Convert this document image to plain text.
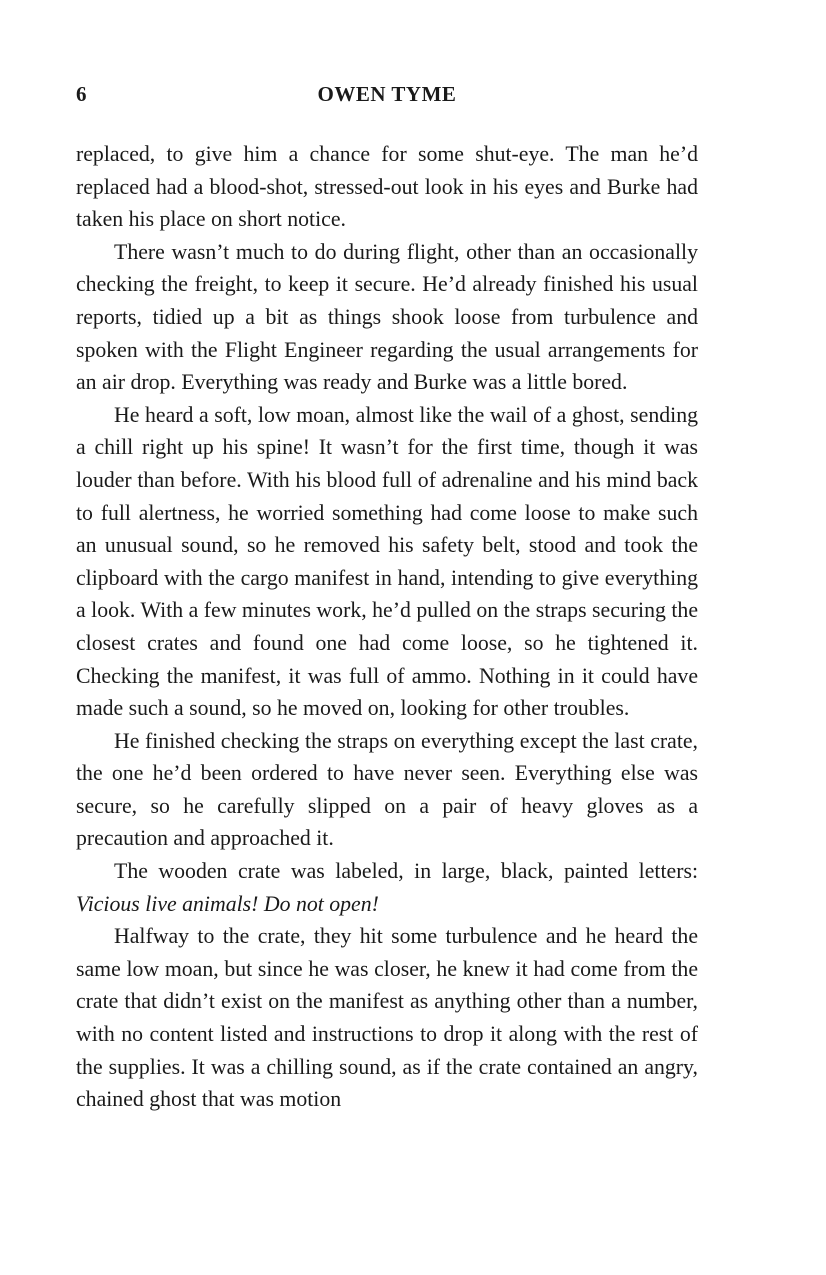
6	OWEN TYME

replaced, to give him a chance for some shut-eye. The man he’d replaced had a blood-shot, stressed-out look in his eyes and Burke had taken his place on short notice.

There wasn’t much to do during flight, other than an occasionally checking the freight, to keep it secure. He’d already finished his usual reports, tidied up a bit as things shook loose from turbulence and spoken with the Flight Engineer regarding the usual arrangements for an air drop. Everything was ready and Burke was a little bored.

He heard a soft, low moan, almost like the wail of a ghost, sending a chill right up his spine! It wasn’t for the first time, though it was louder than before. With his blood full of adrenaline and his mind back to full alertness, he worried something had come loose to make such an unusual sound, so he removed his safety belt, stood and took the clipboard with the cargo manifest in hand, intending to give everything a look. With a few minutes work, he’d pulled on the straps securing the closest crates and found one had come loose, so he tightened it. Checking the manifest, it was full of ammo. Nothing in it could have made such a sound, so he moved on, looking for other troubles.

He finished checking the straps on everything except the last crate, the one he’d been ordered to have never seen. Everything else was secure, so he carefully slipped on a pair of heavy gloves as a precaution and approached it.

The wooden crate was labeled, in large, black, painted letters: Vicious live animals! Do not open!

Halfway to the crate, they hit some turbulence and he heard the same low moan, but since he was closer, he knew it had come from the crate that didn’t exist on the manifest as anything other than a number, with no content listed and instructions to drop it along with the rest of the supplies. It was a chilling sound, as if the crate contained an angry, chained ghost that was motion
